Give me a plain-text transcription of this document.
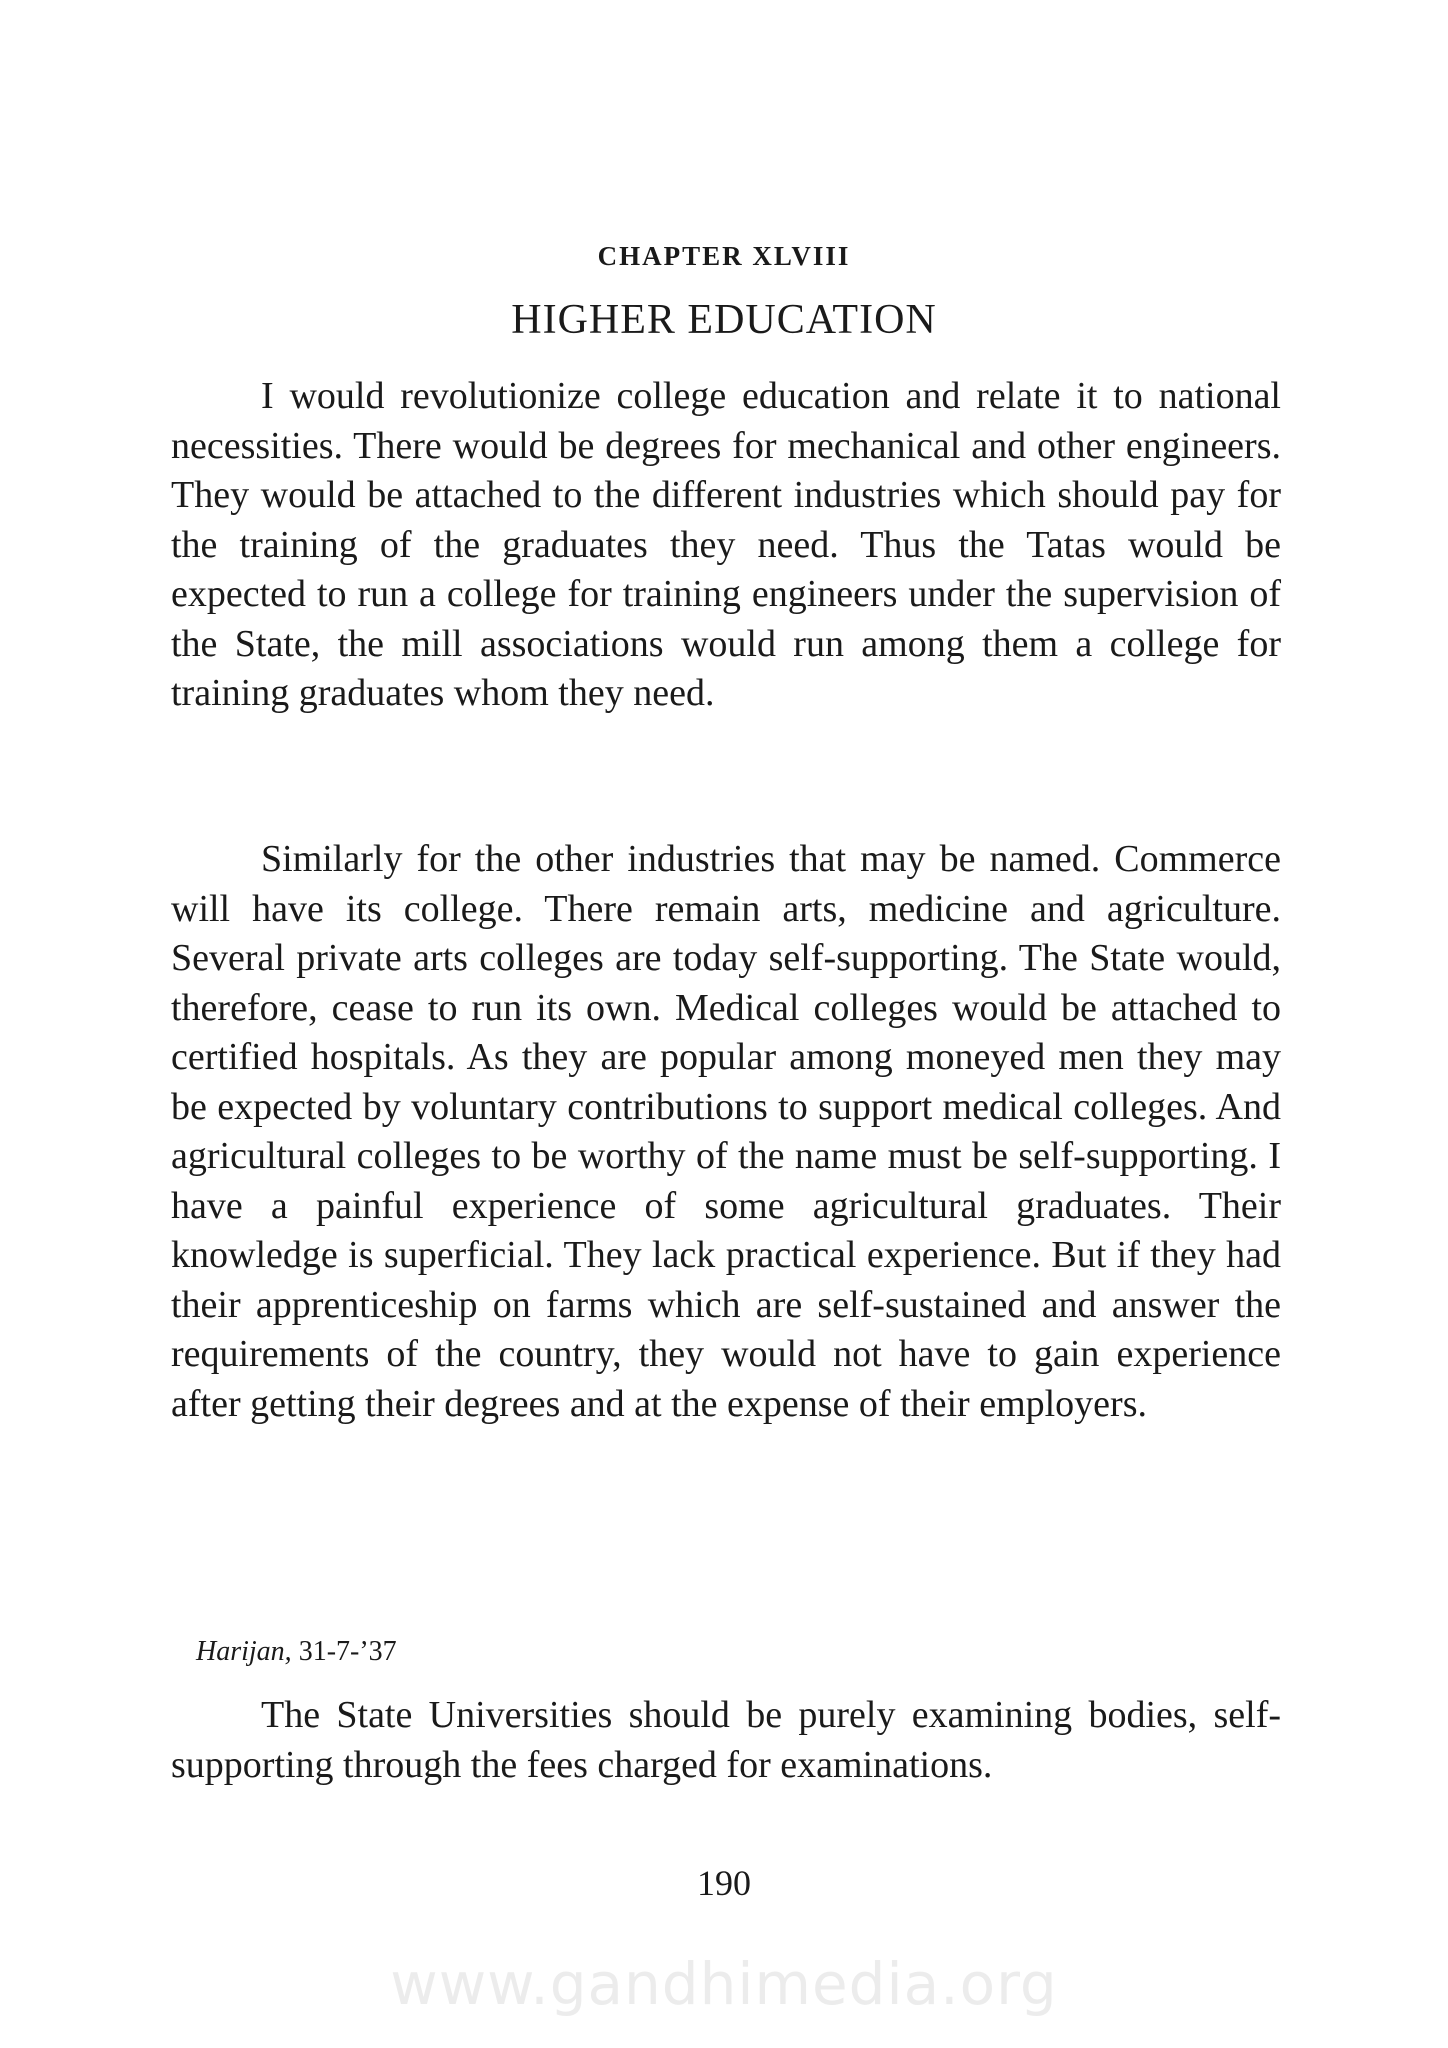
CHAPTER XLVIII
HIGHER EDUCATION

I would revolutionize college education and relate it to national necessities. There would be degrees for mechanical and other engineers. They would be attached to the different industries which should pay for the training of the graduates they need. Thus the Tatas would be expected to run a college for training engineers under the supervision of the State, the mill associations would run among them a college for training graduates whom they need.

Similarly for the other industries that may be named. Commerce will have its college. There remain arts, medicine and agriculture. Several private arts colleges are today self-supporting. The State would, therefore, cease to run its own. Medical colleges would be attached to certified hospitals. As they are popular among moneyed men they may be expected by voluntary contributions to support medical colleges. And agricultural colleges to be worthy of the name must be self-supporting. I have a painful experience of some agricultural graduates. Their knowledge is superficial. They lack practical experience. But if they had their apprenticeship on farms which are self-sustained and answer the requirements of the country, they would not have to gain experience after getting their degrees and at the expense of their employers.

Harijan, 31-7-’37

The State Universities should be purely examining bodies, self-supporting through the fees charged for examinations.

190
www.gandhimedia.org
